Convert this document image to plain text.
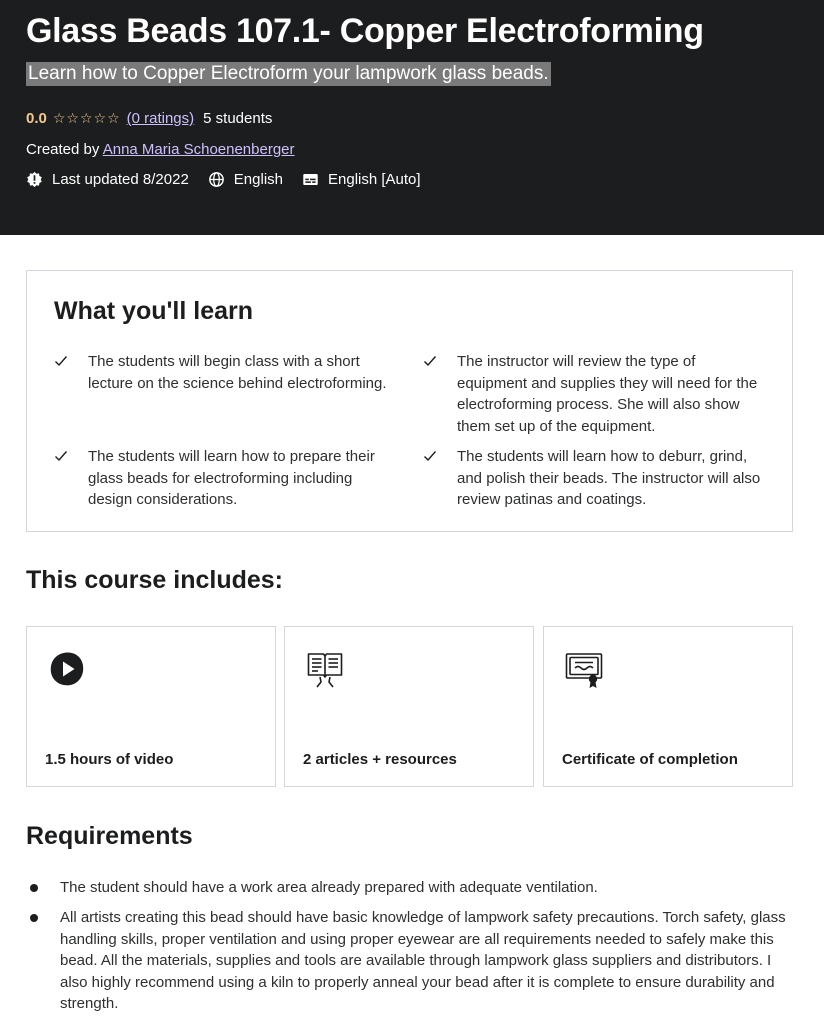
Glass Beads 107.1- Copper Electroforming
Learn how to Copper Electroform your lampwork glass beads.
0.0 ☆☆☆☆☆ (0 ratings) 5 students
Created by Anna Maria Schoenenberger
Last updated 8/2022	English	English [Auto]
What you'll learn
The students will begin class with a short lecture on the science behind electroforming.
The instructor will review the type of equipment and supplies they will need for the electroforming process. She will also show them set up of the equipment.
The students will learn how to prepare their glass beads for electroforming including design considerations.
The students will learn how to deburr, grind, and polish their beads. The instructor will also review patinas and coatings.
This course includes:
1.5 hours of video	2 articles + resources	Certificate of completion
Requirements
The student should have a work area already prepared with adequate ventilation.
All artists creating this bead should have basic knowledge of lampwork safety precautions. Torch safety, glass handling skills, proper ventilation and using proper eyewear are all requirements needed to safely make this bead. All the materials, supplies and tools are available through lampwork glass suppliers and distributors. I also highly recommend using a kiln to properly anneal your bead after it is complete to ensure durability and strength.
